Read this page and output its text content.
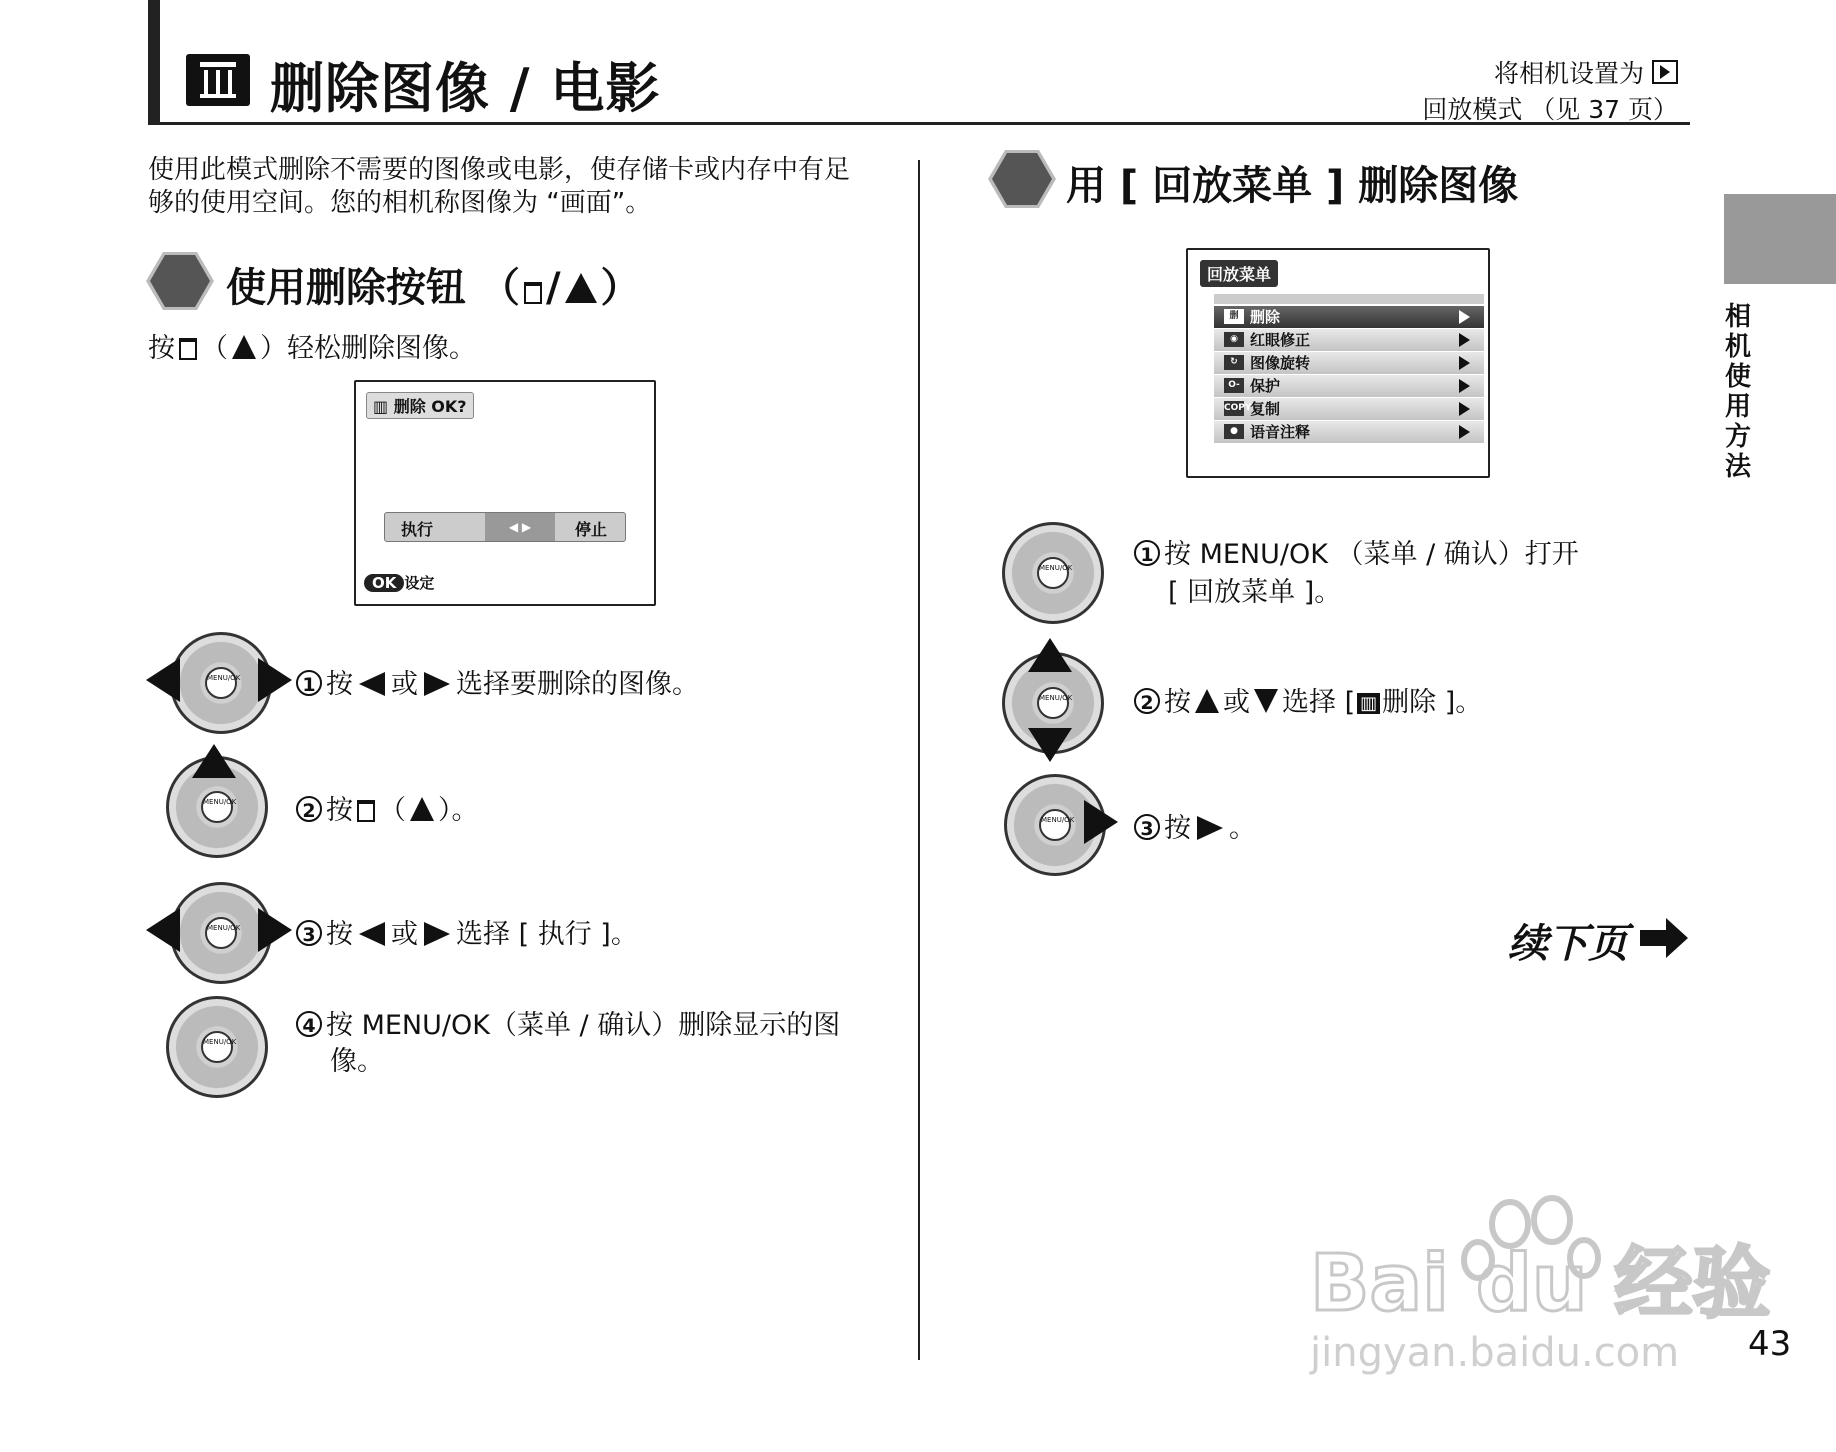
删除图像 / 电影	将相机设置为
回放模式 （见 37 页）
使用此模式删除不需要的图像或电影，使存储卡或内存中有足够的使用空间。您的相机称图像为 “画面”。
使用删除按钮 （ / ）
按 （ ）轻松删除图像。
▥ 删除 OK?
执行	◀ ▶	停止
OK 设定
MENU/OK	1 按 或 选择要删除的图像。
MENU/OK	2 按 （ ）。
MENU/OK	3 按 或 选择 [ 执行 ]。
MENU/OK
4 按 MENU/OK（菜单 / 确认）删除显示的图
像。
用 [ 回放菜单 ] 删除图像
回放菜单
删 删除
◉ 红眼修正
↻ 图像旋转
O- 保护
COPY复制
● 语音注释
MENU/OK
1 按 MENU/OK （菜单 / 确认）打开
[ 回放菜单 ]。
MENU/OK	2 按 或 选择 [ ▥ 删除 ]。
MENU/OK	3 按 。
相机使用方法
续下页
Bai du 经验
jingyan.baidu.com 43
